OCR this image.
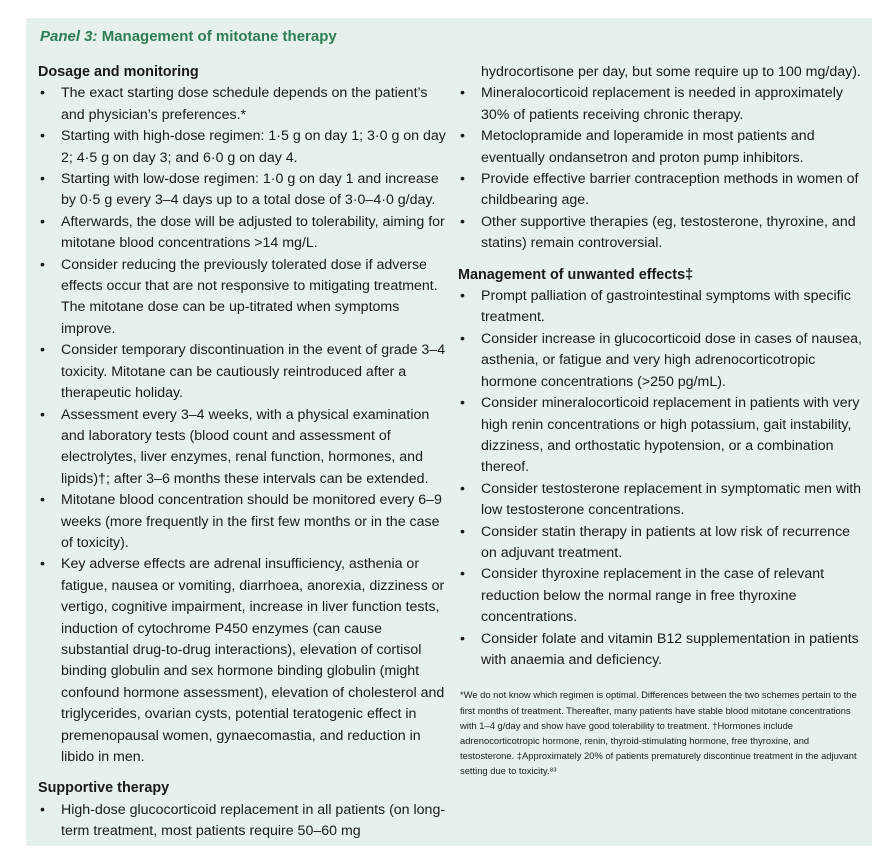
Panel 3: Management of mitotane therapy
Dosage and monitoring
• The exact starting dose schedule depends on the patient’s and physician’s preferences.*
• Starting with high-dose regimen: 1·5 g on day 1; 3·0 g on day 2; 4·5 g on day 3; and 6·0 g on day 4.
• Starting with low-dose regimen: 1·0 g on day 1 and increase by 0·5 g every 3–4 days up to a total dose of 3·0–4·0 g/day.
• Afterwards, the dose will be adjusted to tolerability, aiming for mitotane blood concentrations >14 mg/L.
• Consider reducing the previously tolerated dose if adverse effects occur that are not responsive to mitigating treatment. The mitotane dose can be up-titrated when symptoms improve.
• Consider temporary discontinuation in the event of grade 3–4 toxicity. Mitotane can be cautiously reintroduced after a therapeutic holiday.
• Assessment every 3–4 weeks, with a physical examination and laboratory tests (blood count and assessment of electrolytes, liver enzymes, renal function, hormones, and lipids)†; after 3–6 months these intervals can be extended.
• Mitotane blood concentration should be monitored every 6–9 weeks (more frequently in the first few months or in the case of toxicity).
• Key adverse effects are adrenal insufficiency, asthenia or fatigue, nausea or vomiting, diarrhoea, anorexia, dizziness or vertigo, cognitive impairment, increase in liver function tests, induction of cytochrome P450 enzymes (can cause substantial drug-to-drug interactions), elevation of cortisol binding globulin and sex hormone binding globulin (might confound hormone assessment), elevation of cholesterol and triglycerides, ovarian cysts, potential teratogenic effect in premenopausal women, gynaecomastia, and reduction in libido in men.
Supportive therapy
• High-dose glucocorticoid replacement in all patients (on long-term treatment, most patients require 50–60 mg
hydrocortisone per day, but some require up to 100 mg/day).
• Mineralocorticoid replacement is needed in approximately 30% of patients receiving chronic therapy.
• Metoclopramide and loperamide in most patients and eventually ondansetron and proton pump inhibitors.
• Provide effective barrier contraception methods in women of childbearing age.
• Other supportive therapies (eg, testosterone, thyroxine, and statins) remain controversial.
Management of unwanted effects‡
• Prompt palliation of gastrointestinal symptoms with specific treatment.
• Consider increase in glucocorticoid dose in cases of nausea, asthenia, or fatigue and very high adrenocorticotropic hormone concentrations (>250 pg/mL).
• Consider mineralocorticoid replacement in patients with very high renin concentrations or high potassium, gait instability, dizziness, and orthostatic hypotension, or a combination thereof.
• Consider testosterone replacement in symptomatic men with low testosterone concentrations.
• Consider statin therapy in patients at low risk of recurrence on adjuvant treatment.
• Consider thyroxine replacement in the case of relevant reduction below the normal range in free thyroxine concentrations.
• Consider folate and vitamin B12 supplementation in patients with anaemia and deficiency.
*We do not know which regimen is optimal. Differences between the two schemes pertain to the first months of treatment. Thereafter, many patients have stable blood mitotane concentrations with 1–4 g/day and show have good tolerability to treatment. †Hormones include adrenocorticotropic hormone, renin, thyroid-stimulating hormone, free thyroxine, and testosterone. ‡Approximately 20% of patients prematurely discontinue treatment in the adjuvant setting due to toxicity.⁸³
